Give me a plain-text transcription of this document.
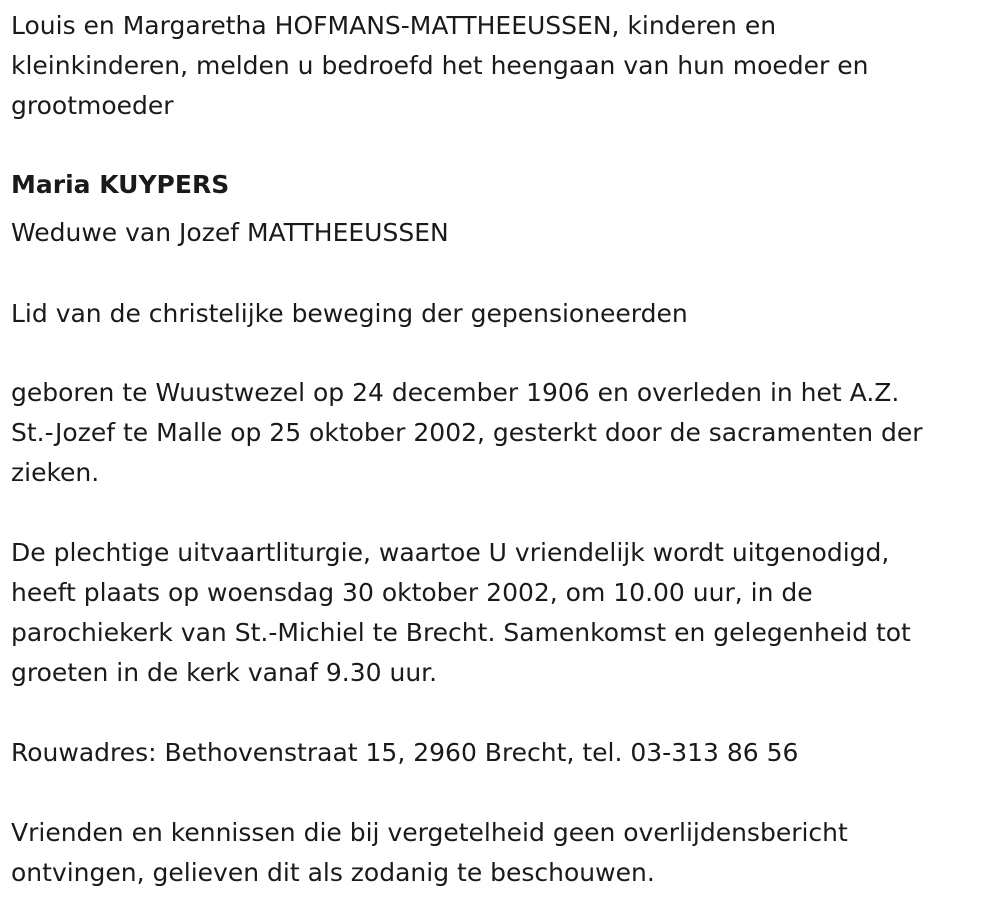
Louis en Margaretha HOFMANS-MATTHEEUSSEN, kinderen en
kleinkinderen, melden u bedroefd het heengaan van hun moeder en
grootmoeder

Maria KUYPERS

Weduwe van Jozef MATTHEEUSSEN

Lid van de christelijke beweging der gepensioneerden

geboren te Wuustwezel op 24 december 1906 en overleden in het A.Z.
St.-Jozef te Malle op 25 oktober 2002, gesterkt door de sacramenten der
zieken.

De plechtige uitvaartliturgie, waartoe U vriendelijk wordt uitgenodigd,
heeft plaats op woensdag 30 oktober 2002, om 10.00 uur, in de
parochiekerk van St.-Michiel te Brecht. Samenkomst en gelegenheid tot
groeten in de kerk vanaf 9.30 uur.

Rouwadres: Bethovenstraat 15, 2960 Brecht, tel. 03-313 86 56

Vrienden en kennissen die bij vergetelheid geen overlijdensbericht
ontvingen, gelieven dit als zodanig te beschouwen.
